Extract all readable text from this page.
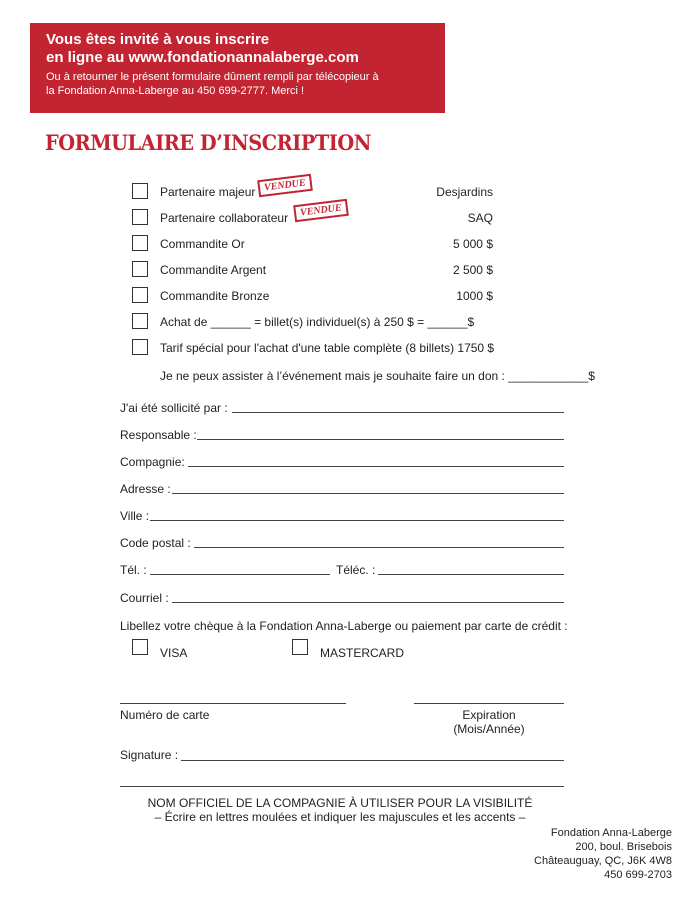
Vous êtes invité à vous inscrire
en ligne au www.fondationannalaberge.com
Ou à retourner le présent formulaire dûment rempli par télécopieur à
la Fondation Anna-Laberge au 450 699-2777. Merci !
FORMULAIRE D’INSCRIPTION
Partenaire majeur VENDUE	Desjardins
Partenaire collaborateur	VENDUE	SAQ
Commandite Or	5 000 $
Commandite Argent	2 500 $
Commandite Bronze	1000 $
Achat de ______ = billet(s) individuel(s) à 250 $ = ______$
Tarif spécial pour l'achat d'une table complète (8 billets) 1750 $
Je ne peux assister à l’événement mais je souhaite faire un don : ____________$
J'ai été sollicité par :
Responsable :
Compagnie:
Adresse :
Ville :
Code postal :
Tél. :	Téléc. :
Courriel :
Libellez votre chèque à la Fondation Anna-Laberge ou paiement par carte de crédit :
VISA	MASTERCARD
Numéro de carte	Expiration
(Mois/Année)
Signature :
NOM OFFICIEL DE LA COMPAGNIE À UTILISER POUR LA VISIBILITÉ
– Écrire en lettres moulées et indiquer les majuscules et les accents –
Fondation Anna-Laberge
200, boul. Brisebois
Châteauguay, QC, J6K 4W8
450 699-2703
